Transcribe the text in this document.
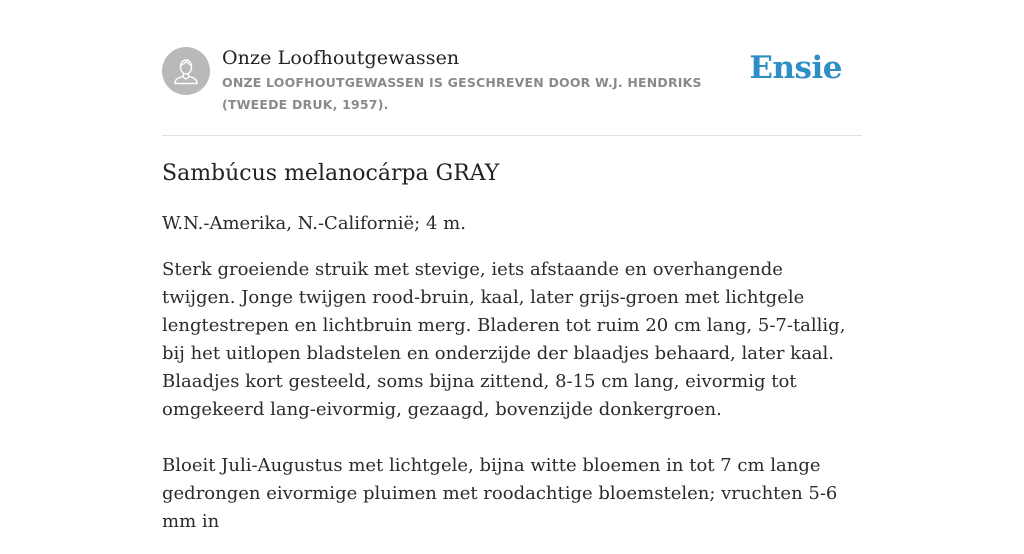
Onze Loofhoutgewassen
ONZE LOOFHOUTGEWASSEN IS GESCHREVEN DOOR W.J. HENDRIKS (TWEEDE DRUK, 1957).
Ensie
Sambúcus melanocárpa GRAY

W.N.-Amerika, N.-Californië; 4 m.

Sterk groeiende struik met stevige, iets afstaande en overhangende twijgen. Jonge twijgen rood-bruin, kaal, later grijs-groen met lichtgele lengtestrepen en lichtbruin merg. Bladeren tot ruim 20 cm lang, 5-7-tallig, bij het uitlopen bladstelen en onderzijde der blaadjes behaard, later kaal. Blaadjes kort gesteeld, soms bijna zittend, 8-15 cm lang, eivormig tot omgekeerd lang-eivormig, gezaagd, bovenzijde donkergroen.

Bloeit Juli-Augustus met lichtgele, bijna witte bloemen in tot 7 cm lange gedrongen eivormige pluimen met roodachtige bloemstelen; vruchten 5-6 mm in
